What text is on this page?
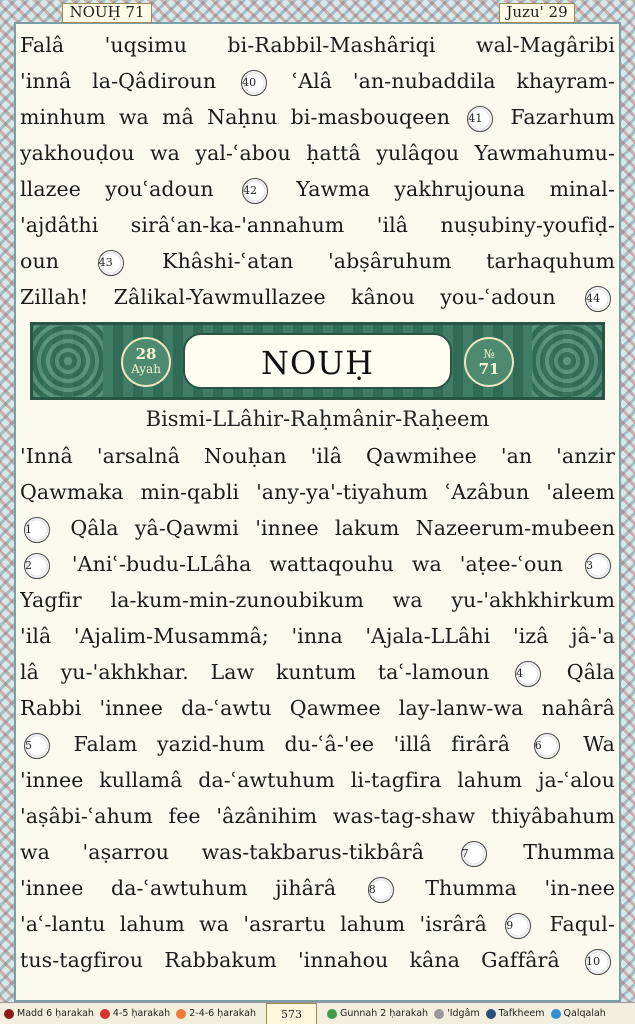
NOUḤ 71	Juzu' 29
Falâ 'uqsimu bi-Rabbil-Mashâriqi wal-Magâribi
'innâ la-Qâdiroun 40 ʿAlâ 'an-nubaddila khayram-
minhum wa mâ Naḥnu bi-masbouqeen 41 Fazarhum
yakhouḍou wa yal-ʿabou ḥattâ yulâqou Yawmahumu-
llazee youʿadoun 42 Yawma yakhrujouna minal-
'ajdâthi sirâʿan-ka-'annahum 'ilâ nuṣubiny-youfiḍ-
oun 43 Khâshi-ʿatan 'abṣâruhum tarhaquhum
Zillah! Zâlikal-Yawmullazee kânou you-ʿadoun 44
28
Ayah	NOUḤ	№
71
Bismi-LLâhir-Raḥmânir-Raḥeem
'Innâ 'arsalnâ Nouḥan 'ilâ Qawmihee 'an 'anzir
Qawmaka min-qabli 'any-ya'-tiyahum ʿAzâbun 'aleem
1 Qâla yâ-Qawmi 'innee lakum Nazeerum-mubeen
2 'Aniʿ-budu-LLâha wattaqouhu wa 'aṭee-ʿoun 3
Yagfir la-kum-min-zunoubikum wa yu-'akhkhirkum
'ilâ 'Ajalim-Musammâ; 'inna 'Ajala-LLâhi 'izâ jâ-'a
lâ yu-'akhkhar. Law kuntum taʿ-lamoun 4 Qâla
Rabbi 'innee da-ʿawtu Qawmee lay-lanw-wa nahârâ
5 Falam yazid-hum du-ʿâ-'ee 'illâ firârâ 6 Wa
'innee kullamâ da-ʿawtuhum li-tagfira lahum ja-ʿalou
'aṣâbi-ʿahum fee 'âzânihim was-tag-shaw thiyâbahum
wa 'aṣarrou was-takbarus-tikbârâ 7 Thumma
'innee da-ʿawtuhum jihârâ 8 Thumma 'in-nee
'aʿ-lantu lahum wa 'asrartu lahum 'isrârâ 9 Faqul-
tus-tagfirou Rabbakum 'innahou kâna Gaffârâ 10
Madd 6 ḥarakah 4-5 ḥarakah 2-4-6 ḥarakah	573	Gunnah 2 ḥarakah 'Idgâm Tafkheem Qalqalah
